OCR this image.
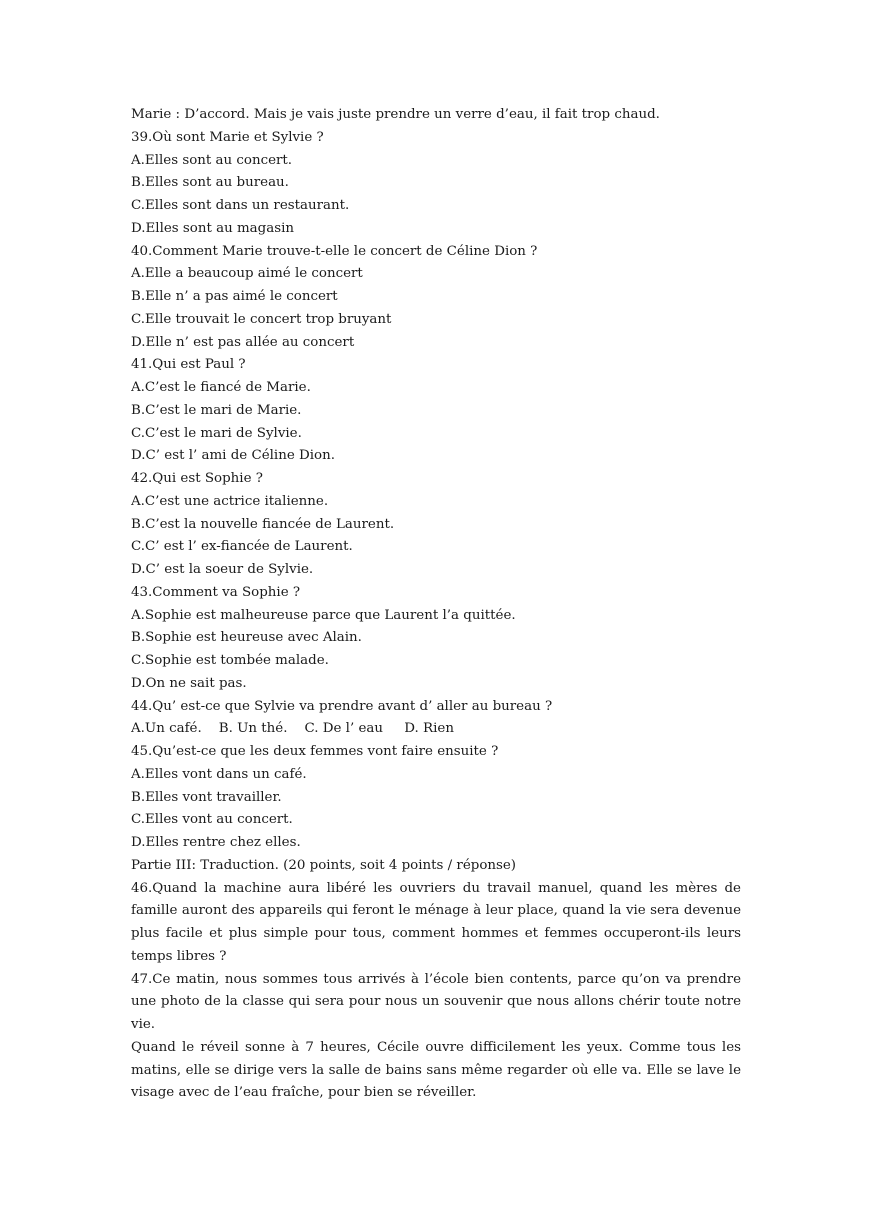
Marie : D’accord. Mais je vais juste prendre un verre d’eau, il fait trop chaud.
39.Où sont Marie et Sylvie ?
A.Elles sont au concert.
B.Elles sont au bureau.
C.Elles sont dans un restaurant.
D.Elles sont au magasin
40.Comment Marie trouve-t-elle le concert de Céline Dion ?
A.Elle a beaucoup aimé le concert
B.Elle n’ a pas aimé le concert
C.Elle trouvait le concert trop bruyant
D.Elle n’ est pas allée au concert
41.Qui est Paul ?
A.C’est le fiancé de Marie.
B.C’est le mari de Marie.
C.C’est le mari de Sylvie.
D.C’ est l’ ami de Céline Dion.
42.Qui est Sophie ?
A.C’est une actrice italienne.
B.C’est la nouvelle fiancée de Laurent.
C.C’ est l’ ex-fiancée de Laurent.
D.C’ est la soeur de Sylvie.
43.Comment va Sophie ?
A.Sophie est malheureuse parce que Laurent l’a quittée.
B.Sophie est heureuse avec Alain.
C.Sophie est tombée malade.
D.On ne sait pas.
44.Qu’ est-ce que Sylvie va prendre avant d’ aller au bureau ?
A.Un café.    B. Un thé.    C. De l’ eau     D. Rien
45.Qu’est-ce que les deux femmes vont faire ensuite ?
A.Elles vont dans un café.
B.Elles vont travailler.
C.Elles vont au concert.
D.Elles rentre chez elles.
Partie III: Traduction. (20 points, soit 4 points / réponse)
46.Quand la machine aura libéré les ouvriers du travail manuel, quand les mères de famille auront des appareils qui feront le ménage à leur place, quand la vie sera devenue plus facile et plus simple pour tous, comment hommes et femmes occuperont-ils leurs temps libres ?
47.Ce matin, nous sommes tous arrivés à l’école bien contents, parce qu’on va prendre une photo de la classe qui sera pour nous un souvenir que nous allons chérir toute notre vie.
Quand le réveil sonne à 7 heures, Cécile ouvre difficilement les yeux. Comme tous les matins, elle se dirige vers la salle de bains sans même regarder où elle va. Elle se lave le visage avec de l’eau fraîche, pour bien se réveiller.
